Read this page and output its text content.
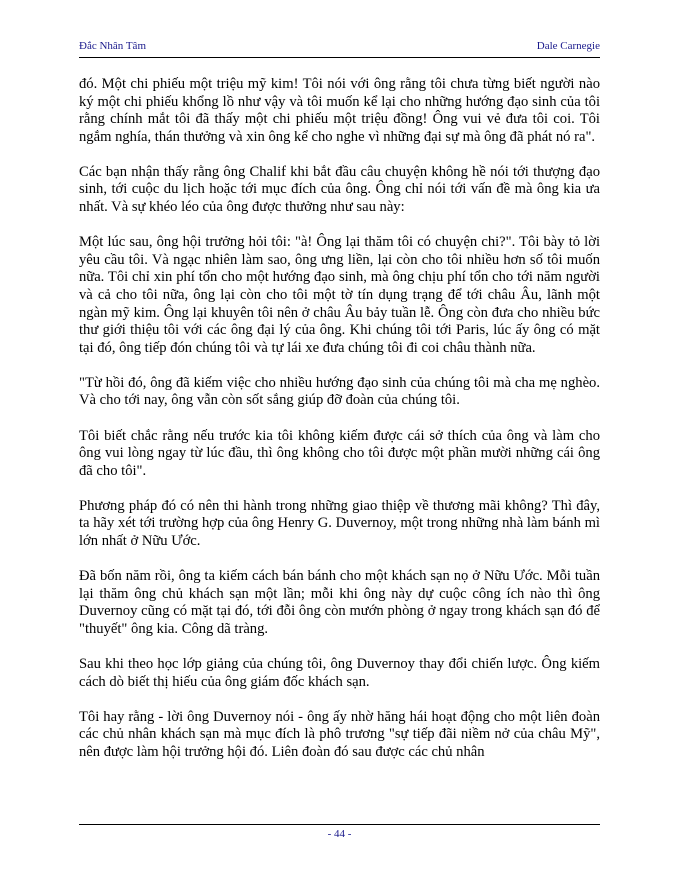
Đắc Nhân Tâm	Dale Carnegie

đó. Một chi phiếu một triệu mỹ kim! Tôi nói với ông rằng tôi chưa từng biết người nào ký một chi phiếu khổng lồ như vậy và tôi muốn kể lại cho những hướng đạo sinh của tôi rằng chính mắt tôi đã thấy một chi phiếu một triệu đồng! Ông vui vẻ đưa tôi coi. Tôi ngắm nghía, thán thưởng và xin ông kể cho nghe vì những đại sự mà ông đã phát nó ra".

Các bạn nhận thấy rằng ông Chalif khi bắt đầu câu chuyện không hề nói tới thượng đạo sinh, tới cuộc du lịch hoặc tới mục đích của ông. Ông chỉ nói tới vấn đề mà ông kia ưa nhất. Và sự khéo léo của ông được thưởng như sau này:

Một lúc sau, ông hội trưởng hỏi tôi: "à! Ông lại thăm tôi có chuyện chi?". Tôi bày tỏ lời yêu cầu tôi. Và ngạc nhiên làm sao, ông ưng liền, lại còn cho tôi nhiều hơn số tôi muốn nữa. Tôi chỉ xin phí tổn cho một hướng đạo sinh, mà ông chịu phí tổn cho tới năm người và cả cho tôi nữa, ông lại còn cho tôi một tờ tín dụng trạng để tới châu Âu, lãnh một ngàn mỹ kim. Ông lại khuyên tôi nên ở châu Âu bảy tuần lễ. Ông còn đưa cho nhiều bức thư giới thiệu tôi với các ông đại lý của ông. Khi chúng tôi tới Paris, lúc ấy ông có mặt tại đó, ông tiếp đón chúng tôi và tự lái xe đưa chúng tôi đi coi châu thành nữa.

"Từ hồi đó, ông đã kiếm việc cho nhiều hướng đạo sinh của chúng tôi mà cha mẹ nghèo. Và cho tới nay, ông vẫn còn sốt sắng giúp đỡ đoàn của chúng tôi.

Tôi biết chắc rằng nếu trước kia tôi không kiếm được cái sở thích của ông và làm cho ông vui lòng ngay từ lúc đầu, thì ông không cho tôi được một phần mười những cái ông đã cho tôi".

Phương pháp đó có nên thi hành trong những giao thiệp về thương mãi không? Thì đây, ta hãy xét tới trường hợp của ông Henry G. Duvernoy, một trong những nhà làm bánh mì lớn nhất ở Nữu Ước.

Đã bốn năm rồi, ông ta kiếm cách bán bánh cho một khách sạn nọ ở Nữu Ước. Mỗi tuần lại thăm ông chủ khách sạn một lần; mỗi khi ông này dự cuộc công ích nào thì ông Duvernoy cũng có mặt tại đó, tới đỗi ông còn mướn phòng ở ngay trong khách sạn đó để "thuyết" ông kia. Công dã tràng.

Sau khi theo học lớp giảng của chúng tôi, ông Duvernoy thay đổi chiến lược. Ông kiếm cách dò biết thị hiếu của ông giám đốc khách sạn.

Tôi hay rằng - lời ông Duvernoy nói - ông ấy nhờ hăng hái hoạt động cho một liên đoàn các chủ nhân khách sạn mà mục đích là phô trương "sự tiếp đãi niềm nở của châu Mỹ", nên được làm hội trưởng hội đó. Liên đoàn đó sau được các chủ nhân

- 44 -
